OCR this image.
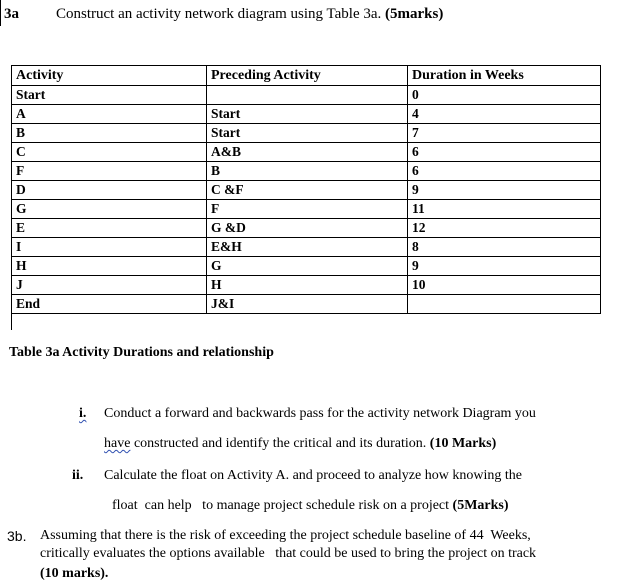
3a Construct an activity network diagram using Table 3a. (5marks)
Activity	Preceding Activity	Duration in Weeks
Start		0
A	Start	4
B	Start	7
C	A&B	6
F	B	6
D	C &F	9
G	F	11
E	G &D	12
I	E&H	8
H	G	9
J	H	10
End	J&I	
Table 3a Activity Durations and relationship
i. Conduct a forward and backwards pass for the activity network Diagram you
have constructed and identify the critical and its duration. (10 Marks)
ii. Calculate the float on Activity A. and proceed to analyze how knowing the
float  can help   to manage project schedule risk on a project (5Marks)
3b. Assuming that there is the risk of exceeding the project schedule baseline of 44  Weeks,
critically evaluates the options available   that could be used to bring the project on track
(10 marks).
